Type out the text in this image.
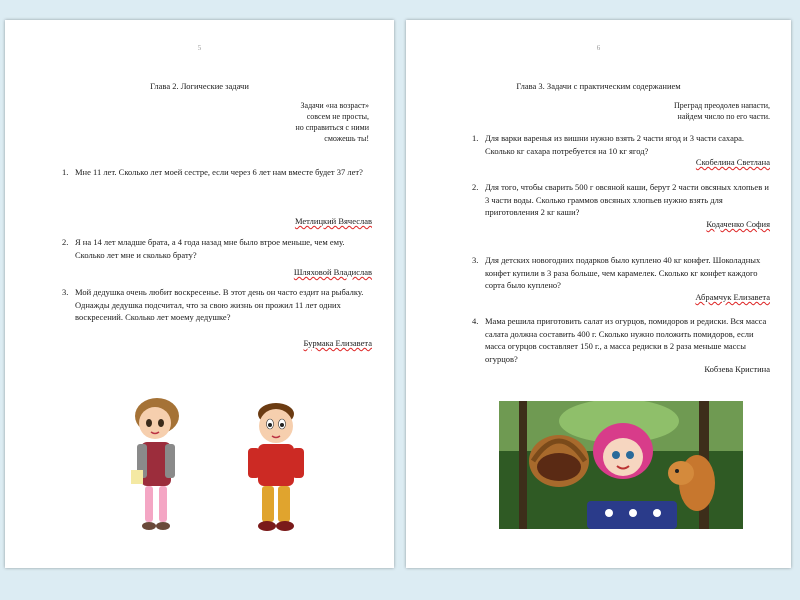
5
Глава 2. Логические задачи
Задачи «на возраст»
совсем не просты,
но справиться с ними
сможешь ты!
1. Мне 11 лет. Сколько лет моей сестре, если через 6 лет нам вместе будет 37 лет?
Метлицкий Вячеслав
2. Я на 14 лет младше брата, а 4 года назад мне было втрое меньше, чем ему. Сколько лет мне и сколько брату?
Шляховой Владислав
3. Мой дедушка очень любит воскресенье. В этот день он часто ездит на рыбалку. Однажды дедушка подсчитал, что за свою жизнь он прожил 11 лет одних воскресений. Сколько лет моему дедушке?
Бурмака Елизавета
6
Глава 3. Задачи с практическим содержанием
Преград преодолев напасти,
найдем число по его части.
1. Для варки варенья из вишни нужно взять 2 части ягод и 3 части сахара. Сколько кг сахара потребуется на 10 кг ягод?
Скобелина Светлана
2. Для того, чтобы сварить 500 г овсяной каши, берут 2 части овсяных хлопьев и 3 части воды. Сколько граммов овсяных хлопьев нужно взять для приготовления 2 кг каши?
Кодаченко София
3. Для детских новогодних подарков было куплено 40 кг конфет. Шоколадных конфет купили в 3 раза больше, чем карамелек. Сколько кг конфет каждого сорта было куплено?
Абрамчук Елизавета
4. Мама решила приготовить салат из огурцов, помидоров и редиски. Вся масса салата должна составить 400 г. Сколько нужно положить помидоров, если масса огурцов составляет 150 г., а масса редиски в 2 раза меньше массы огурцов?
Кобзева Кристина
